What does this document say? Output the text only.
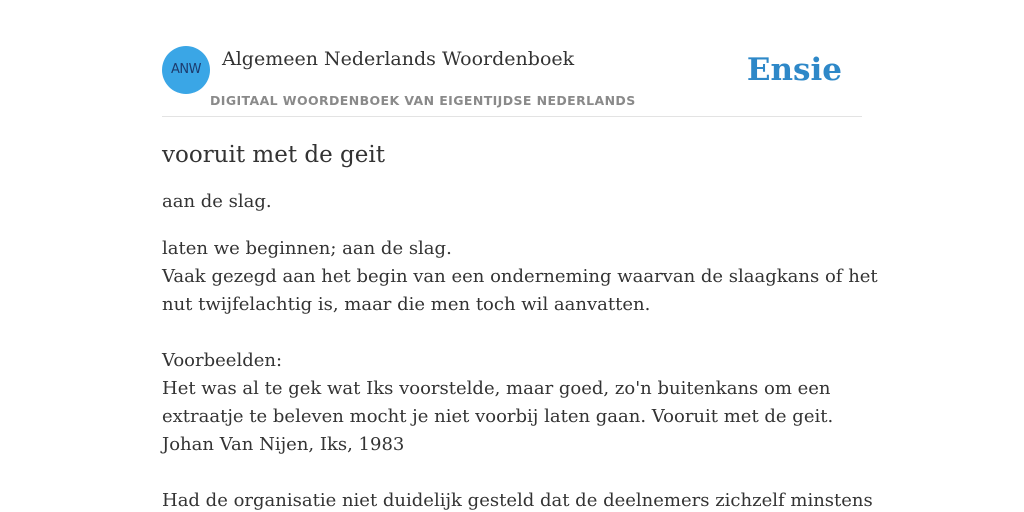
ANW	Algemeen Nederlands Woordenboek
DIGITAAL WOORDENBOEK VAN EIGENTIJDSE NEDERLANDS
Ensie
vooruit met de geit

aan de slag.

laten we beginnen; aan de slag.
Vaak gezegd aan het begin van een onderneming waarvan de slaagkans of het
nut twijfelachtig is, maar die men toch wil aanvatten.
Voorbeelden:
Het was al te gek wat Iks voorstelde, maar goed, zo'n buitenkans om een
extraatje te beleven mocht je niet voorbij laten gaan. Vooruit met de geit.
Johan Van Nijen, Iks, 1983
Had de organisatie niet duidelijk gesteld dat de deelnemers zichzelf minstens
